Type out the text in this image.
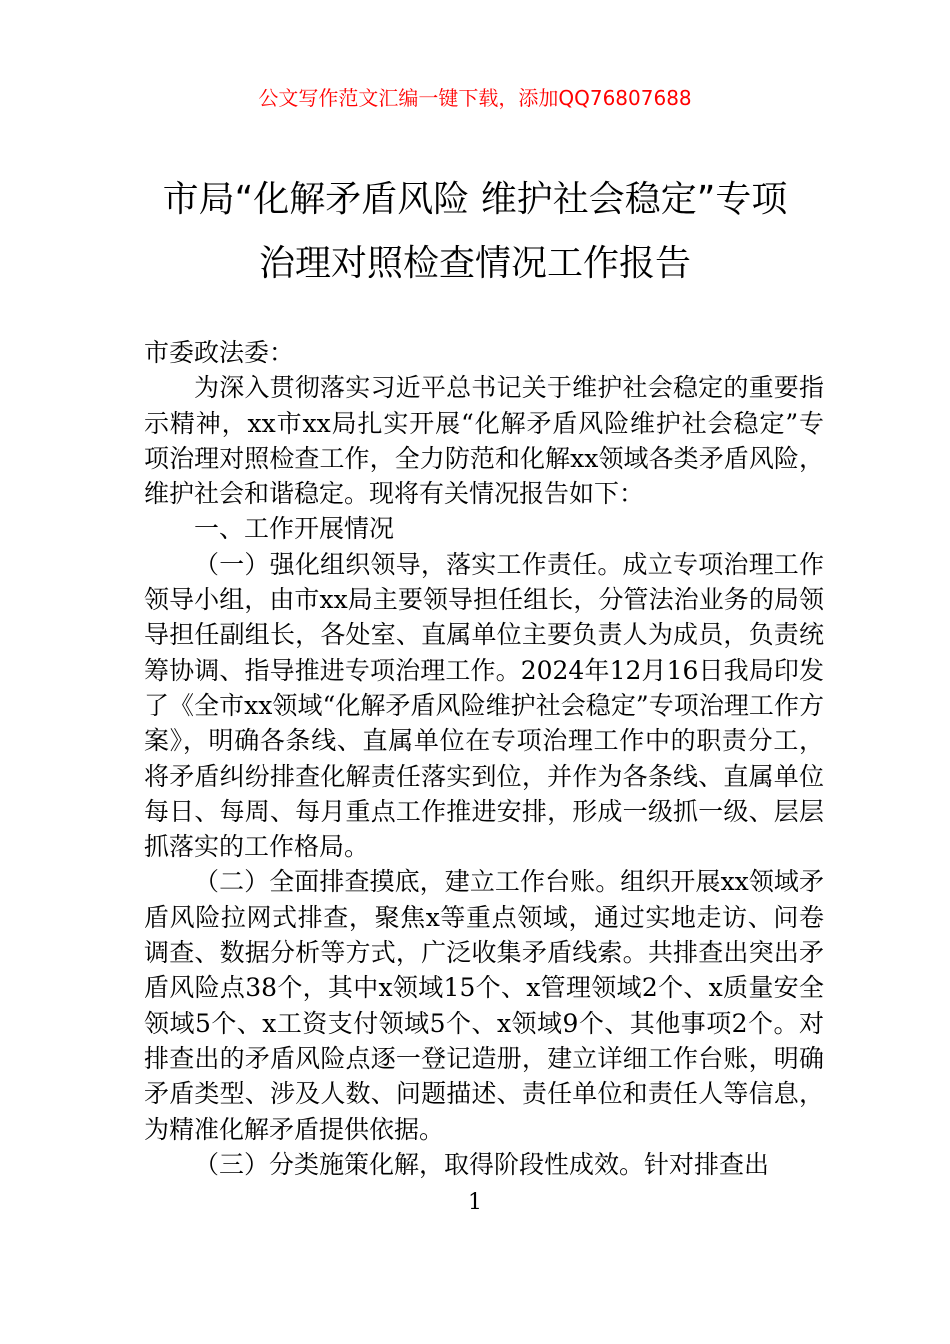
公文写作范文汇编一键下载，添加QQ76807688
市局“化解矛盾风险 维护社会稳定”专项
治理对照检查情况工作报告

市委政法委：

为深入贯彻落实习近平总书记关于维护社会稳定的重要指示精神，xx市xx局扎实开展“化解矛盾风险维护社会稳定”专项治理对照检查工作，全力防范和化解xx领域各类矛盾风险，维护社会和谐稳定。现将有关情况报告如下：

一、工作开展情况

（一）强化组织领导，落实工作责任。成立专项治理工作领导小组，由市xx局主要领导担任组长，分管法治业务的局领导担任副组长，各处室、直属单位主要负责人为成员，负责统筹协调、指导推进专项治理工作。2024年12月16日我局印发了《全市xx领域“化解矛盾风险维护社会稳定”专项治理工作方案》，明确各条线、直属单位在专项治理工作中的职责分工，将矛盾纠纷排查化解责任落实到位，并作为各条线、直属单位每日、每周、每月重点工作推进安排，形成一级抓一级、层层抓落实的工作格局。

（二）全面排查摸底，建立工作台账。组织开展xx领域矛盾风险拉网式排查，聚焦x等重点领域，通过实地走访、问卷调查、数据分析等方式，广泛收集矛盾线索。共排查出突出矛盾风险点38个，其中x领域15个、x管理领域2个、x质量安全领域5个、x工资支付领域5个、x领域9个、其他事项2个。对排查出的矛盾风险点逐一登记造册，建立详细工作台账，明确矛盾类型、涉及人数、问题描述、责任单位和责任人等信息，为精准化解矛盾提供依据。

（三）分类施策化解，取得阶段性成效。针对排查出

1
